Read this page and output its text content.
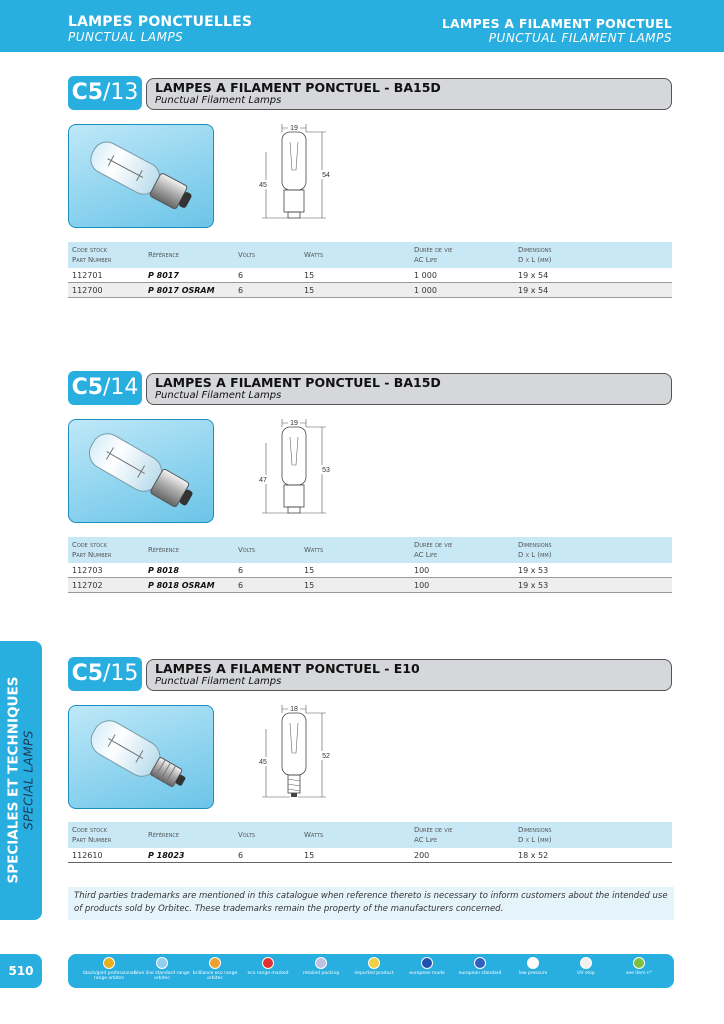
LAMPES PONCTUELLES
PUNCTUAL LAMPS
LAMPES A FILAMENT PONCTUEL
PUNCTUAL FILAMENT LAMPS
SPECIALES ET TECHNIQUES SPECIAL LAMPS
C5/13 LAMPES A FILAMENT PONCTUEL - BA15D
Punctual Filament Lamps
19
45
54
Code stock
Part Number
Référence	Volts	Watts
Durée de vie
AC Life
Dimensions
D x L (mm)
112701	P 8017	6	15	1 000	19 x 54
112700	P 8017 OSRAM	6	15	1 000	19 x 54
C5/14 LAMPES A FILAMENT PONCTUEL - BA15D
Punctual Filament Lamps
19
47
53
Code stock
Part Number
Référence	Volts	Watts
Durée de vie
AC Life
Dimensions
D x L (mm)
112703	P 8018	6	15	100	19 x 53
112702	P 8018 OSRAM	6	15	100	19 x 53
C5/15 LAMPES A FILAMENT PONCTUEL - E10
Punctual Filament Lamps
18
45
52
Code stock
Part Number
Référence	Volts	Watts
Durée de vie
AC Life
Dimensions
D x L (mm)
112610	P 18023	6	15	200	18 x 52
Third parties trademarks are mentioned in this catalogue when reference thereto is necessary to inform customers about the intended use of products sold by Orbitec. These trademarks remain the property of the manufacturers concerned.
510	black/gold professional range orbitec
blue line standard range orbitec
brilliance eco range orbitec
eco range marked	retailed packing	imported product	european made	european standard	low pressure	UV stop	see item n°
